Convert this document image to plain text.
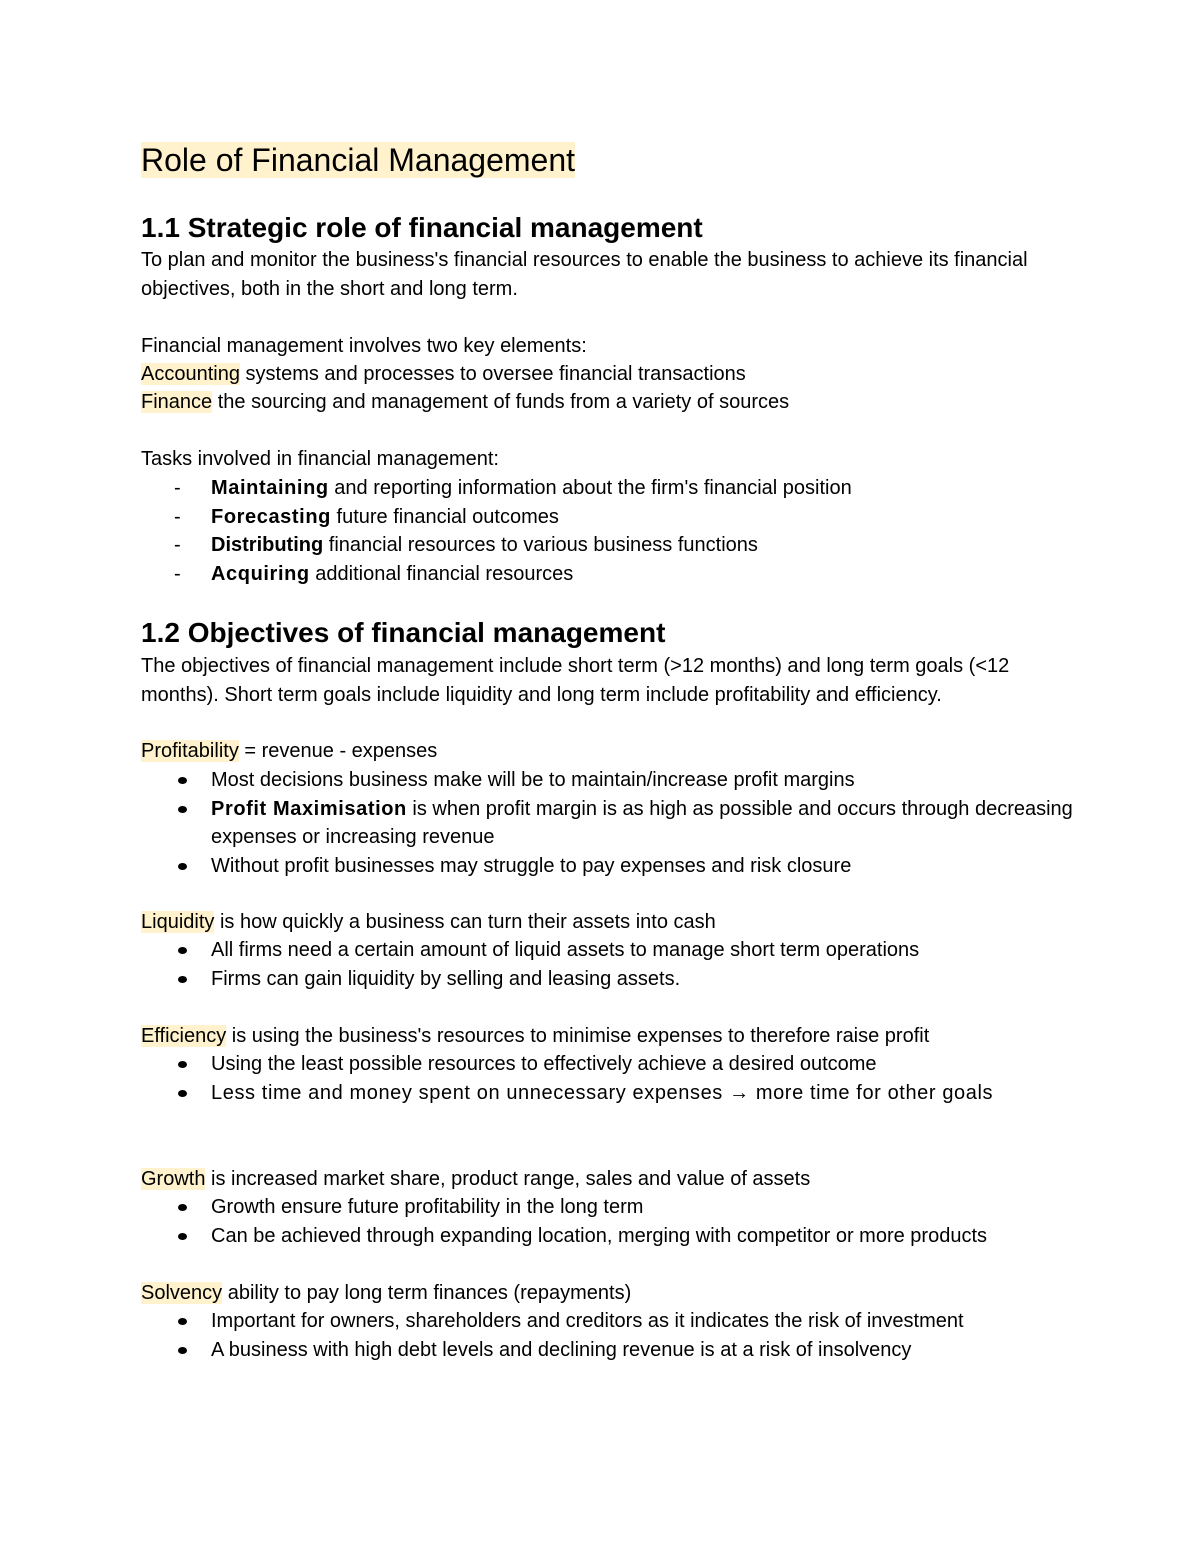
Role of Financial Management
1.1 Strategic role of financial management
To plan and monitor the business's financial resources to enable the business to achieve its financial objectives, both in the short and long term.
Financial management involves two key elements:
Accounting systems and processes to oversee financial transactions
Finance the sourcing and management of funds from a variety of sources
Tasks involved in financial management:
- Maintaining and reporting information about the firm's financial position
- Forecasting future financial outcomes
- Distributing financial resources to various business functions
- Acquiring additional financial resources
1.2 Objectives of financial management
The objectives of financial management include short term (>12 months) and long term goals (<12 months). Short term goals include liquidity and long term include profitability and efficiency.
Profitability = revenue - expenses
Most decisions business make will be to maintain/increase profit margins
Profit Maximisation is when profit margin is as high as possible and occurs through decreasing expenses or increasing revenue
Without profit businesses may struggle to pay expenses and risk closure
Liquidity is how quickly a business can turn their assets into cash
All firms need a certain amount of liquid assets to manage short term operations
Firms can gain liquidity by selling and leasing assets.
Efficiency is using the business's resources to minimise expenses to therefore raise profit
Using the least possible resources to effectively achieve a desired outcome
Less time and money spent on unnecessary expenses → more time for other goals
Growth is increased market share, product range, sales and value of assets
Growth ensure future profitability in the long term
Can be achieved through expanding location, merging with competitor or more products
Solvency ability to pay long term finances (repayments)
Important for owners, shareholders and creditors as it indicates the risk of investment
A business with high debt levels and declining revenue is at a risk of insolvency
